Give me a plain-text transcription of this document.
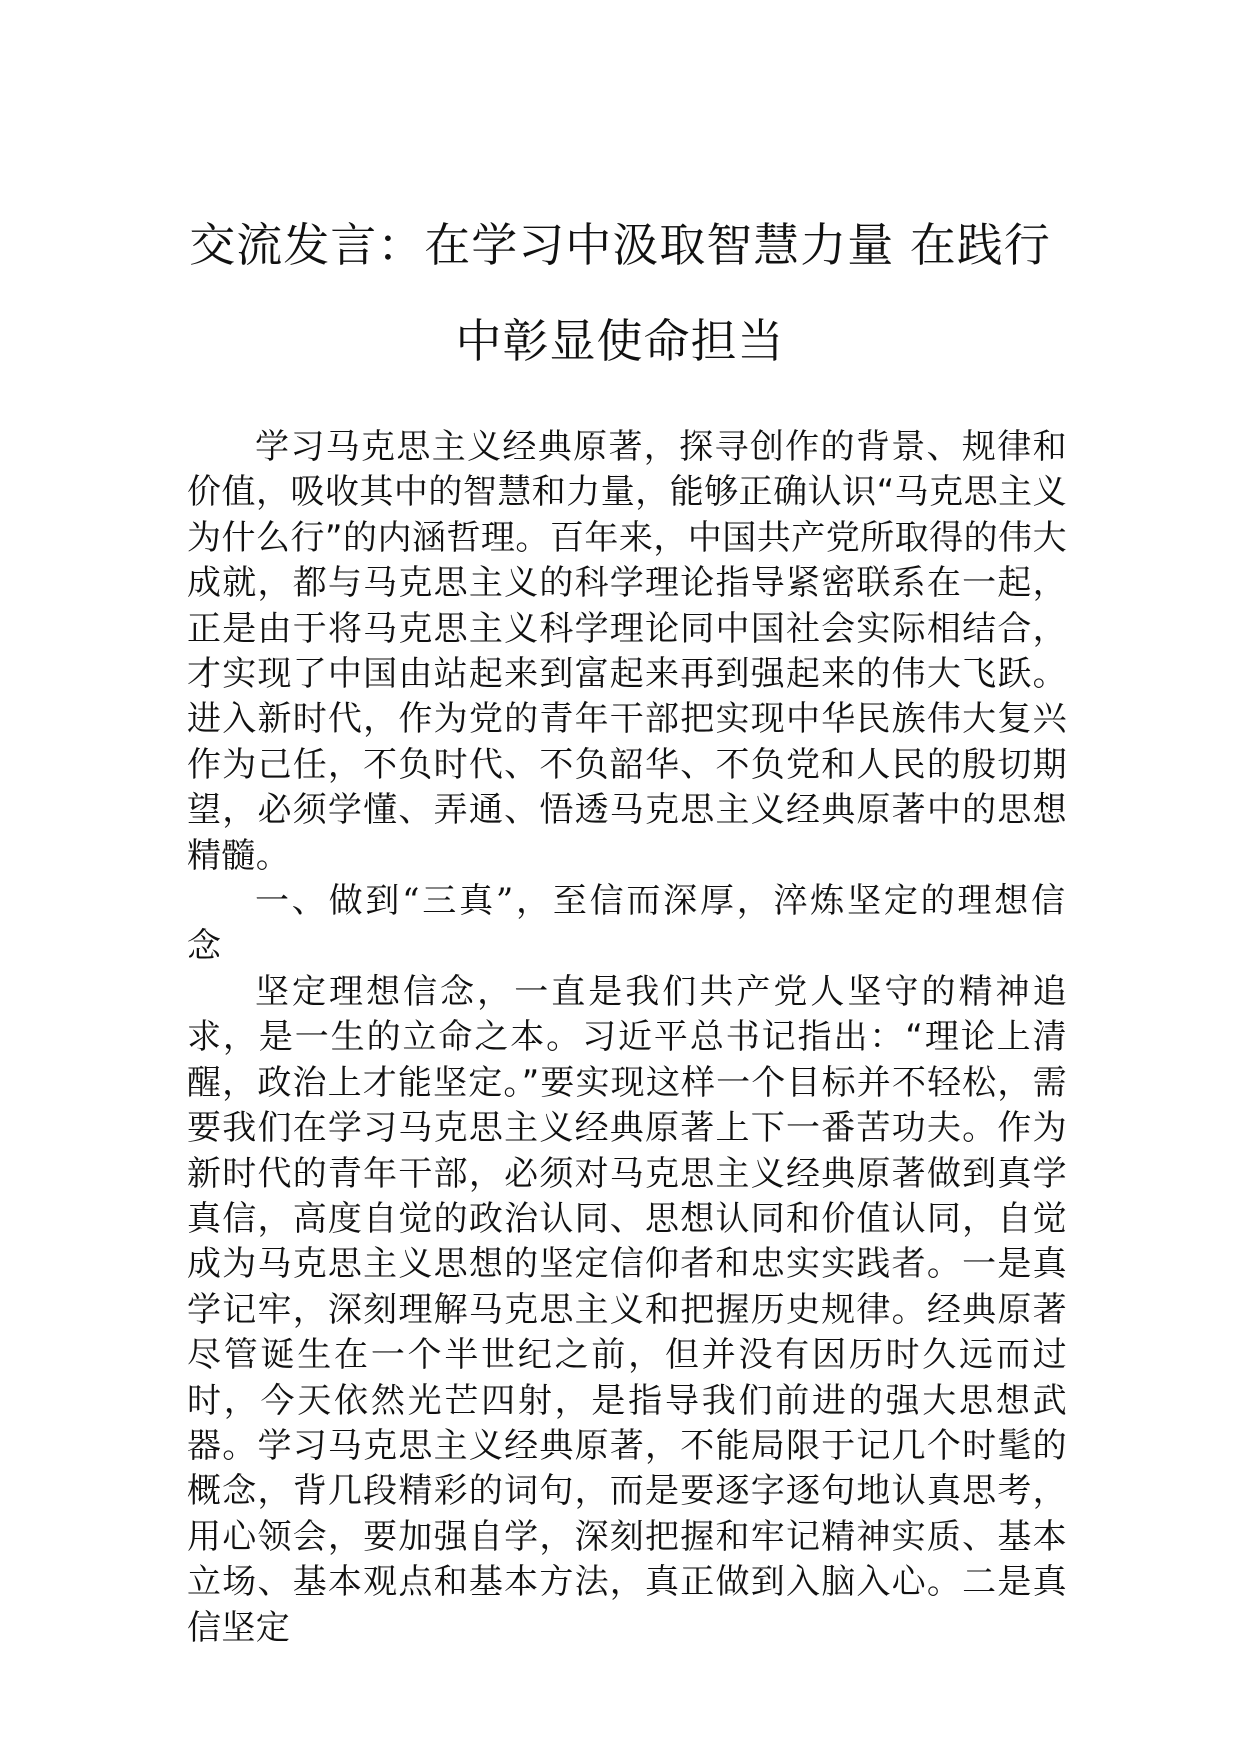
交流发言：在学习中汲取智慧力量 在践行
中彰显使命担当

学习马克思主义经典原著，探寻创作的背景、规律和价值，吸收其中的智慧和力量，能够正确认识“马克思主义为什么行”的内涵哲理。百年来，中国共产党所取得的伟大成就，都与马克思主义的科学理论指导紧密联系在一起，正是由于将马克思主义科学理论同中国社会实际相结合，才实现了中国由站起来到富起来再到强起来的伟大飞跃。进入新时代，作为党的青年干部把实现中华民族伟大复兴作为己任，不负时代、不负韶华、不负党和人民的殷切期望，必须学懂、弄通、悟透马克思主义经典原著中的思想精髓。

一、做到“三真”，至信而深厚，淬炼坚定的理想信念

坚定理想信念，一直是我们共产党人坚守的精神追求，是一生的立命之本。习近平总书记指出：“理论上清醒，政治上才能坚定。”要实现这样一个目标并不轻松，需要我们在学习马克思主义经典原著上下一番苦功夫。作为新时代的青年干部，必须对马克思主义经典原著做到真学真信，高度自觉的政治认同、思想认同和价值认同，自觉成为马克思主义思想的坚定信仰者和忠实实践者。一是真学记牢，深刻理解马克思主义和把握历史规律。经典原著尽管诞生在一个半世纪之前，但并没有因历时久远而过时，今天依然光芒四射，是指导我们前进的强大思想武器。学习马克思主义经典原著，不能局限于记几个时髦的概念，背几段精彩的词句，而是要逐字逐句地认真思考，用心领会，要加强自学，深刻把握和牢记精神实质、基本立场、基本观点和基本方法，真正做到入脑入心。二是真信坚定
